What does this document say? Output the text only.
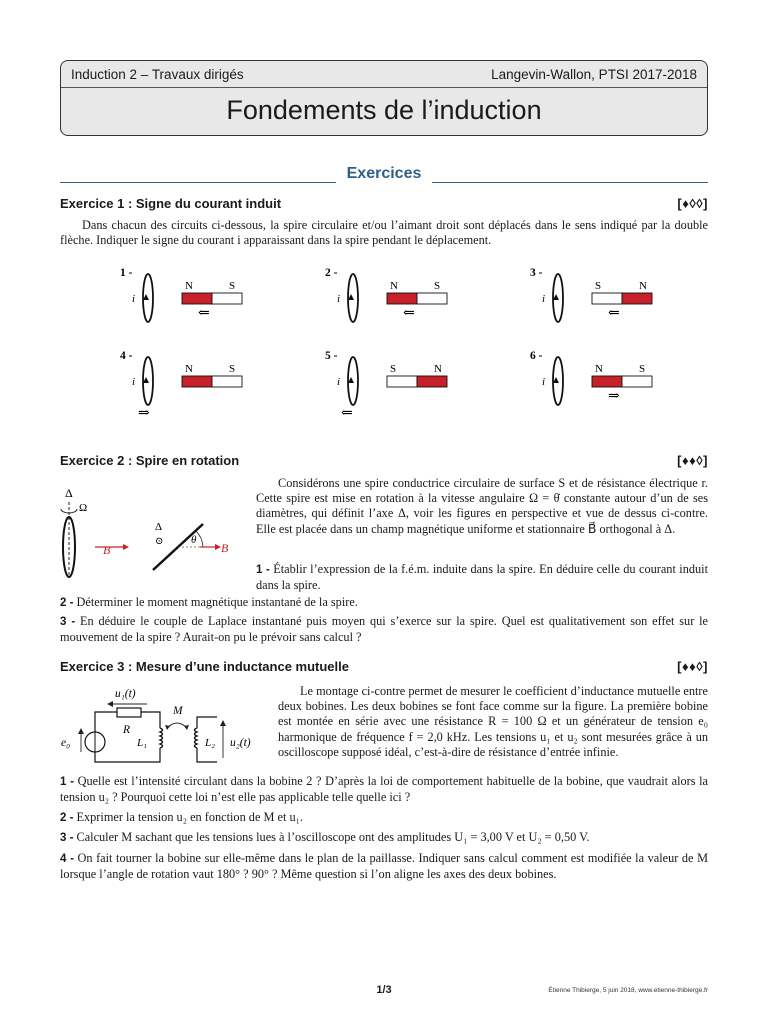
Induction 2 – Travaux dirigés	Langevin-Wallon, PTSI 2017-2018
Fondements de l’induction
Exercices
Exercice 1 : Signe du courant induit	[♦◊◊]
Dans chacun des circuits ci-dessous, la spire circulaire et/ou l’aimant droit sont déplacés dans le sens indiqué par la double flèche. Indiquer le signe du courant i apparaissant dans la spire pendant le déplacement.
1 -
i
N	S
⇐
2 -
i
N	S
⇐
3 -
i
S	N
⇐
4 -
i
N	S
⇒
5 -
i
S	N
⇐
6 -
i
N	S
⇒
Exercice 2 : Spire en rotation	[♦♦◊]
Δ
Ω
B⃗
Δ
⊙	θ
B⃗
Considérons une spire conductrice circulaire de surface S et de résistance électrique r. Cette spire est mise en rotation à la vitesse angulaire Ω = θ̇ constante autour d’un de ses diamètres, qui définit l’axe Δ, voir les figures en perspective et vue de dessus ci-contre. Elle est placée dans un champ magnétique uniforme et stationnaire B⃗ orthogonal à Δ.
1 - Établir l’expression de la f.é.m. induite dans la spire. En déduire celle du courant induit dans la spire.
2 - Déterminer le moment magnétique instantané de la spire.
3 - En déduire le couple de Laplace instantané puis moyen qui s’exerce sur la spire. Quel est qualitativement son effet sur le mouvement de la spire ? Aurait-on pu le prévoir sans calcul ?
Exercice 3 : Mesure d’une inductance mutuelle	[♦♦◊]
u₁(t)
e₀
R
L₁
M
L₂ u₂(t)
Le montage ci-contre permet de mesurer le coefficient d’inductance mutuelle entre deux bobines. Les deux bobines se font face comme sur la figure. La première bobine est montée en série avec une résistance R = 100 Ω et un générateur de tension e₀ harmonique de fréquence f = 2,0 kHz. Les tensions u₁ et u₂ sont mesurées grâce à un oscilloscope supposé idéal, c’est-à-dire de résistance d’entrée infinie.
1 - Quelle est l’intensité circulant dans la bobine 2 ? D’après la loi de comportement habituelle de la bobine, que vaudrait alors la tension u₂ ? Pourquoi cette loi n’est elle pas applicable telle quelle ici ?
2 - Exprimer la tension u₂ en fonction de M et u₁.
3 - Calculer M sachant que les tensions lues à l’oscilloscope ont des amplitudes U₁ = 3,00 V et U₂ = 0,50 V.
4 - On fait tourner la bobine sur elle-même dans le plan de la paillasse. Indiquer sans calcul comment est modifiée la valeur de M lorsque l’angle de rotation vaut 180° ? 90° ? Même question si l’on aligne les axes des deux bobines.
1/3	Étienne Thibierge, 5 juin 2018, www.etienne-thibierge.fr
